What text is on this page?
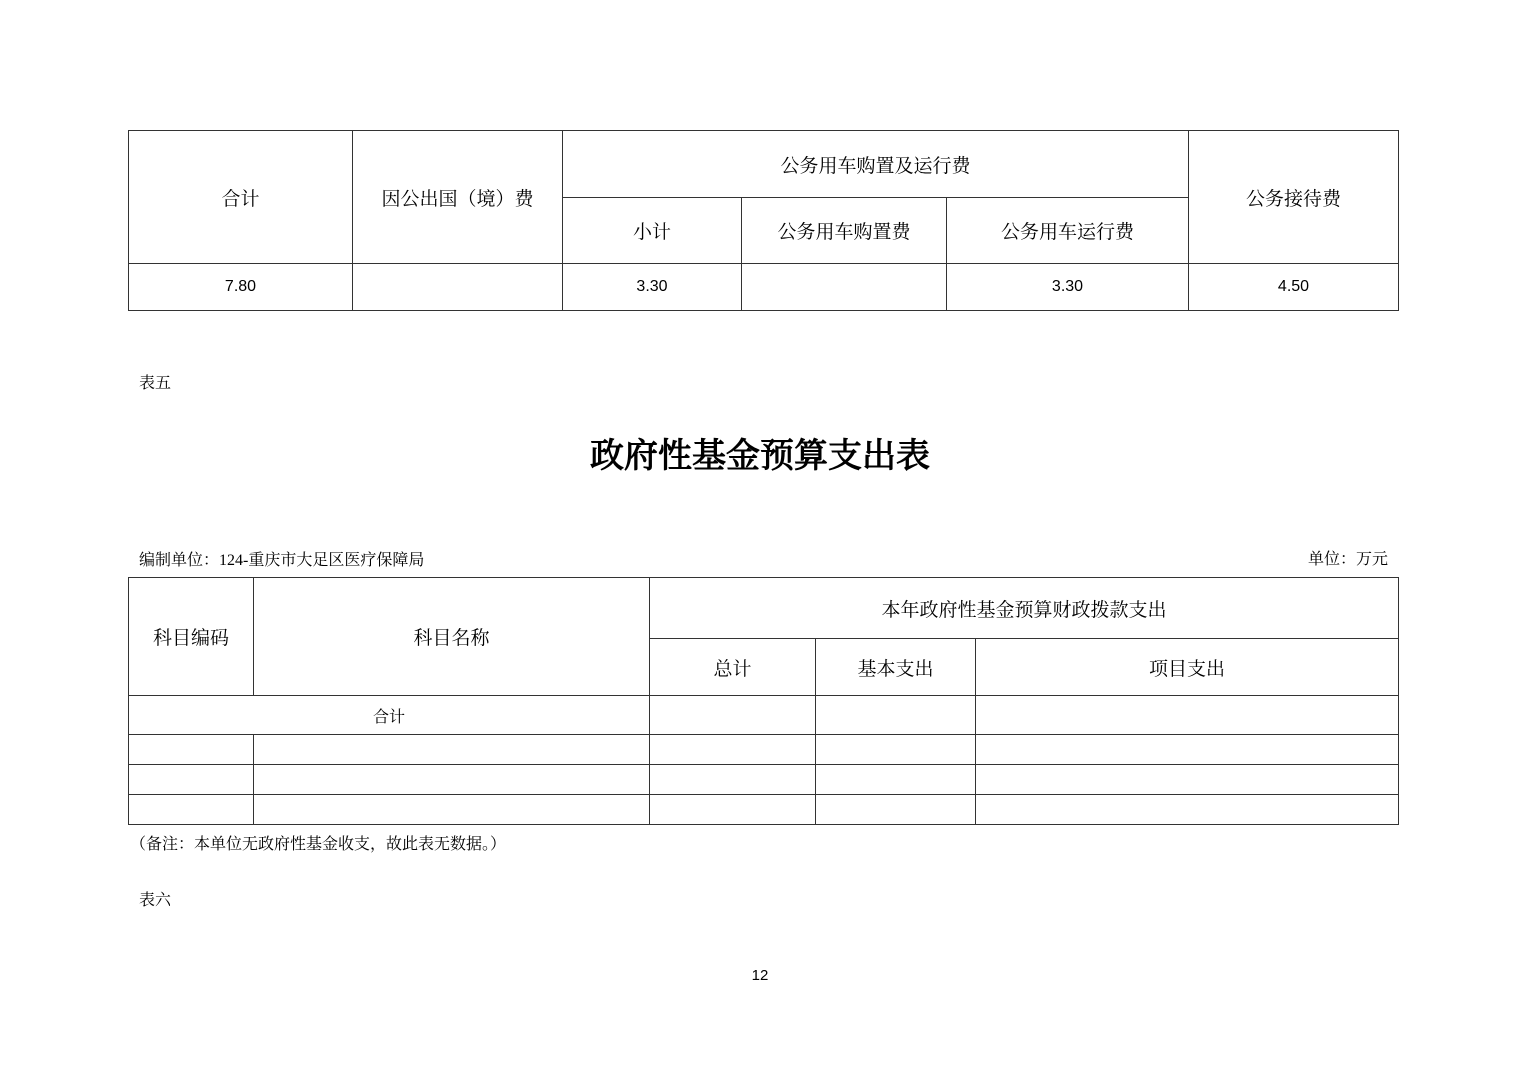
合计	因公出国（境）费	公务用车购置及运行费			公务接待费
		小计	公务用车购置费	公务用车运行费	
7.80		3.30		3.30	4.50
表五
政府性基金预算支出表
编制单位：124-重庆市大足区医疗保障局	单位：万元
科目编码	科目名称	本年政府性基金预算财政拨款支出		
		总计	基本支出	项目支出
合计				

（备注：本单位无政府性基金收支，故此表无数据。）
表六
12
